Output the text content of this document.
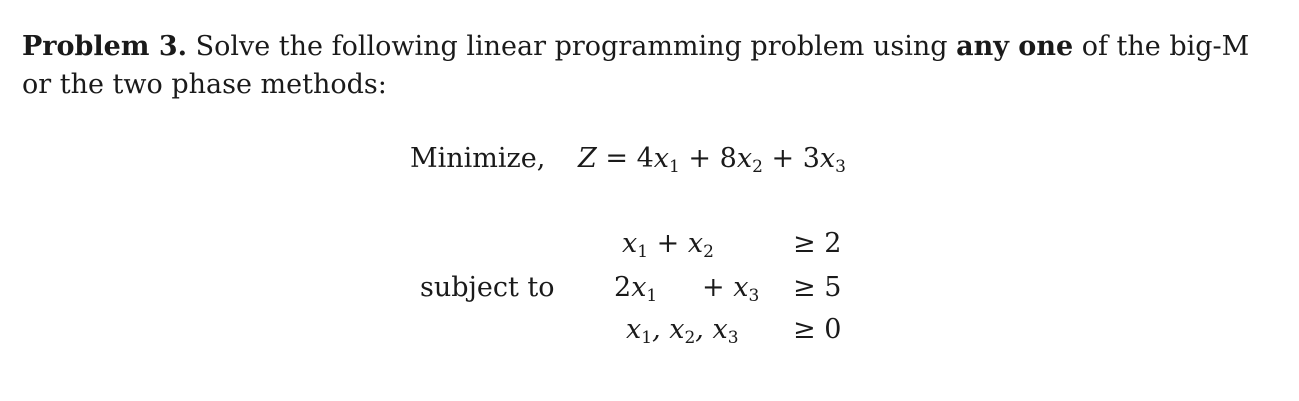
Problem 3. Solve the following linear programming problem using any one of the big-M or the two phase methods:
Minimize, $Z = 4x_1 + 8x_2 + 3x_3$
subject to
$x_1 + x_2$	≥ 2
$2x_1 + x_3 \ge 5$
$x_1$, $x_2$, $x_3 \ge 0$
